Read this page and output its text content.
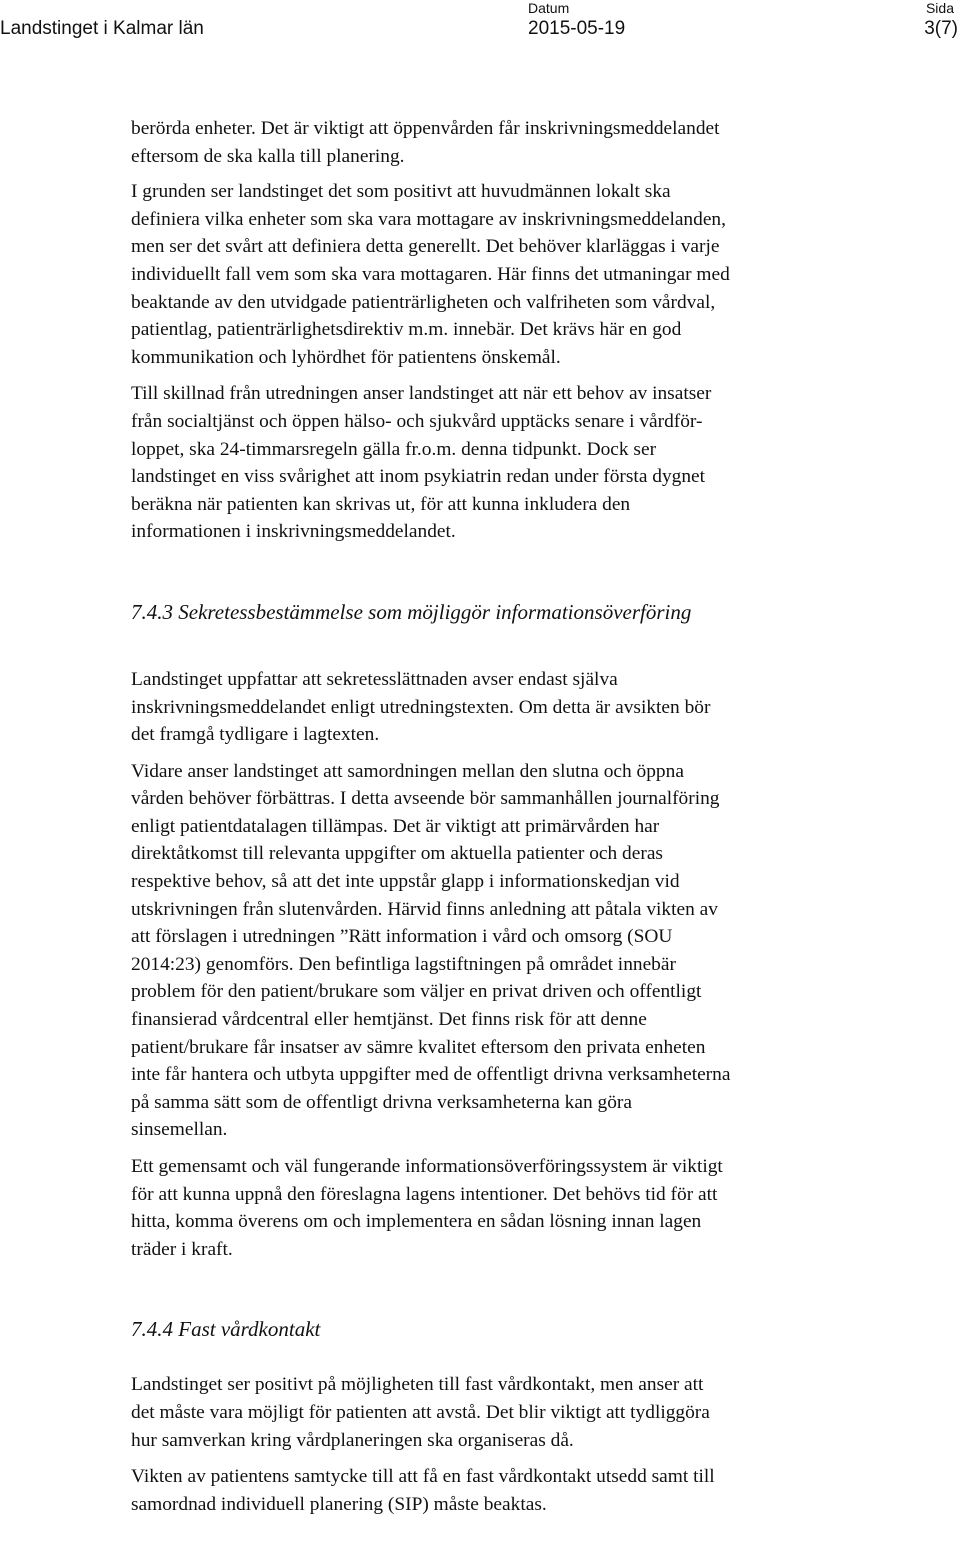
Landstinget i Kalmar län
Datum
2015-05-19
Sida
3(7)

berörda enheter. Det är viktigt att öppenvården får inskrivningsmeddelandet
eftersom de ska kalla till planering.

I grunden ser landstinget det som positivt att huvudmännen lokalt ska
definiera vilka enheter som ska vara mottagare av inskrivningsmeddelanden,
men ser det svårt att definiera detta generellt. Det behöver klarläggas i varje
individuellt fall vem som ska vara mottagaren. Här finns det utmaningar med
beaktande av den utvidgade patienträrligheten och valfriheten som vårdval,
patientlag, patienträrlighetsdirektiv m.m. innebär. Det krävs här en god
kommunikation och lyhördhet för patientens önskemål.

Till skillnad från utredningen anser landstinget att när ett behov av insatser
från socialtjänst och öppen hälso- och sjukvård upptäcks senare i vårdför-
loppet, ska 24-timmarsregeln gälla fr.o.m. denna tidpunkt. Dock ser
landstinget en viss svårighet att inom psykiatrin redan under första dygnet
beräkna när patienten kan skrivas ut, för att kunna inkludera den
informationen i inskrivningsmeddelandet.

7.4.3 Sekretessbestämmelse som möjliggör informationsöverföring

Landstinget uppfattar att sekretesslättnaden avser endast själva
inskrivningsmeddelandet enligt utredningstexten. Om detta är avsikten bör
det framgå tydligare i lagtexten.

Vidare anser landstinget att samordningen mellan den slutna och öppna
vården behöver förbättras. I detta avseende bör sammanhållen journalföring
enligt patientdatalagen tillämpas. Det är viktigt att primärvården har
direktåtkomst till relevanta uppgifter om aktuella patienter och deras
respektive behov, så att det inte uppstår glapp i informationskedjan vid
utskrivningen från slutenvården. Härvid finns anledning att påtala vikten av
att förslagen i utredningen ”Rätt information i vård och omsorg (SOU
2014:23) genomförs. Den befintliga lagstiftningen på området innebär
problem för den patient/brukare som väljer en privat driven och offentligt
finansierad vårdcentral eller hemtjänst. Det finns risk för att denne
patient/brukare får insatser av sämre kvalitet eftersom den privata enheten
inte får hantera och utbyta uppgifter med de offentligt drivna verksamheterna
på samma sätt som de offentligt drivna verksamheterna kan göra
sinsemellan.

Ett gemensamt och väl fungerande informationsöverföringssystem är viktigt
för att kunna uppnå den föreslagna lagens intentioner. Det behövs tid för att
hitta, komma överens om och implementera en sådan lösning innan lagen
träder i kraft.

7.4.4 Fast vårdkontakt

Landstinget ser positivt på möjligheten till fast vårdkontakt, men anser att
det måste vara möjligt för patienten att avstå. Det blir viktigt att tydliggöra
hur samverkan kring vårdplaneringen ska organiseras då.

Vikten av patientens samtycke till att få en fast vårdkontakt utsedd samt till
samordnad individuell planering (SIP) måste beaktas.
